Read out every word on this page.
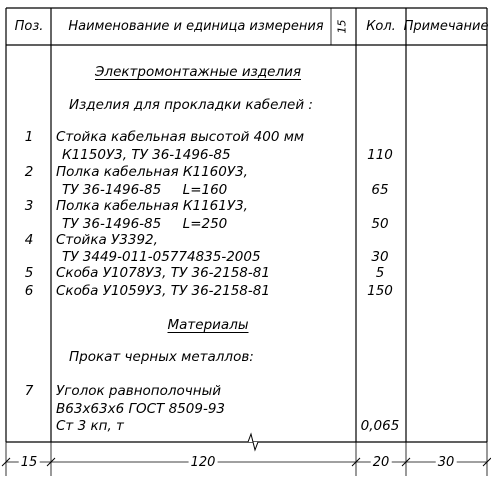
Поз. Наименование и единица измерения 15 Кол. Примечание
Электромонтажные изделия
Изделия для прокладки кабелей :
1 Стойка кабельная высотой 400 мм
К1150У3, ТУ 36-1496-85	110
2 Полка кабельная К1160У3,
ТУ 36-1496-85     L=160	65
3 Полка кабельная К1161У3,
ТУ 36-1496-85     L=250	50
4 Стойка У3392,
ТУ 3449-011-05774835-2005	30
5 Скоба У1078У3, ТУ 36-2158-81	5
6 Скоба У1059У3, ТУ 36-2158-81	150
Материалы
Прокат черных металлов:
7 Уголок равнополочный
В63х63х6 ГОСТ 8509-93
Ст 3 кп, т	0,065
15	120	20	30
